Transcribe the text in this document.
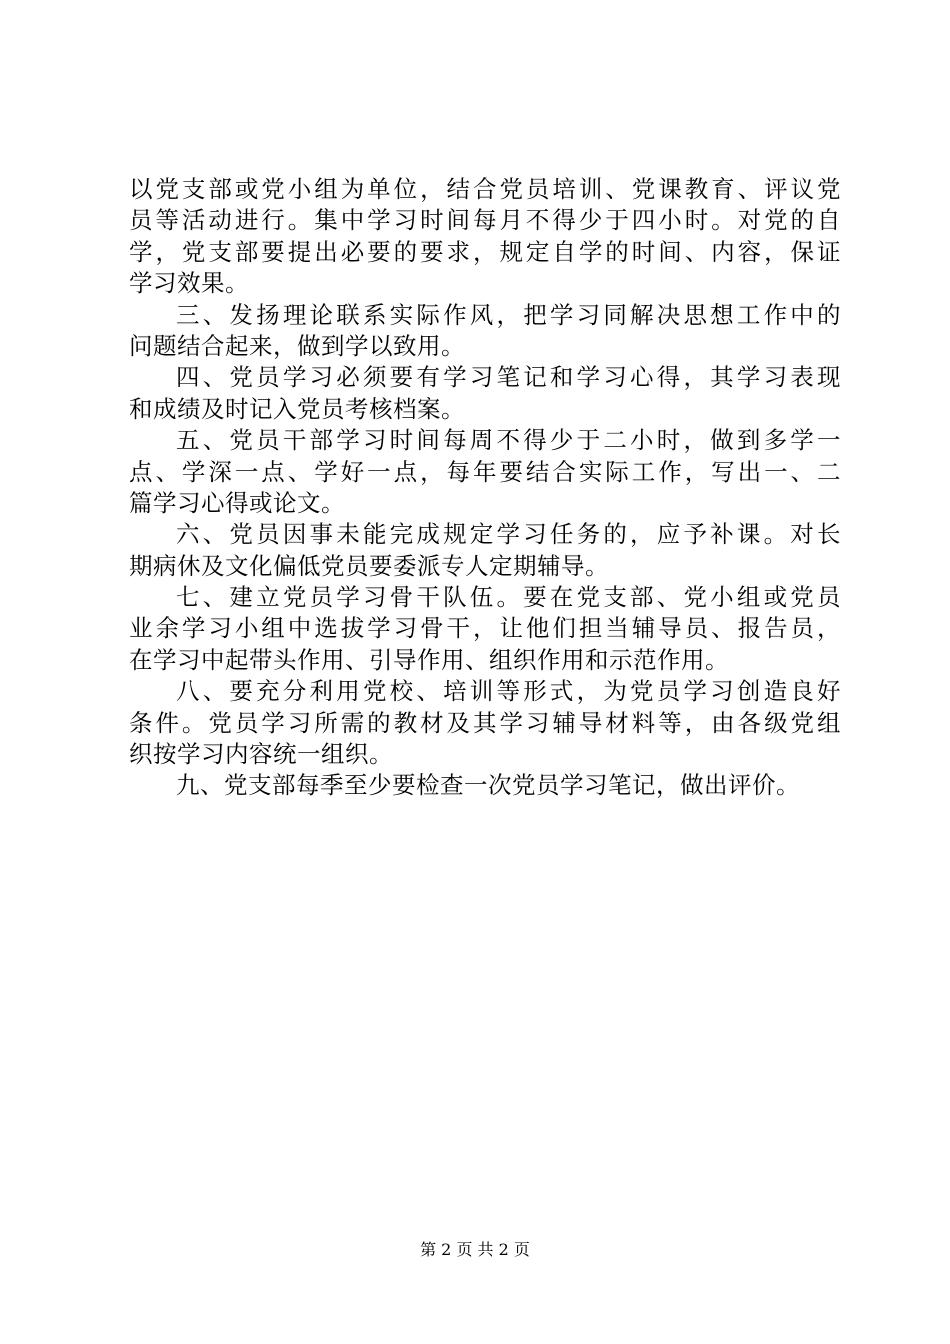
以党支部或党小组为单位，结合党员培训、党课教育、评议党
员等活动进行。集中学习时间每月不得少于四小时。对党的自
学，党支部要提出必要的要求，规定自学的时间、内容，保证
学习效果。
三、发扬理论联系实际作风，把学习同解决思想工作中的
问题结合起来，做到学以致用。
四、党员学习必须要有学习笔记和学习心得，其学习表现
和成绩及时记入党员考核档案。
五、党员干部学习时间每周不得少于二小时，做到多学一
点、学深一点、学好一点，每年要结合实际工作，写出一、二
篇学习心得或论文。
六、党员因事未能完成规定学习任务的，应予补课。对长
期病休及文化偏低党员要委派专人定期辅导。
七、建立党员学习骨干队伍。要在党支部、党小组或党员
业余学习小组中选拔学习骨干，让他们担当辅导员、报告员，
在学习中起带头作用、引导作用、组织作用和示范作用。
八、要充分利用党校、培训等形式，为党员学习创造良好
条件。党员学习所需的教材及其学习辅导材料等，由各级党组
织按学习内容统一组织。
九、党支部每季至少要检查一次党员学习笔记，做出评价。
第 2 页 共 2 页
